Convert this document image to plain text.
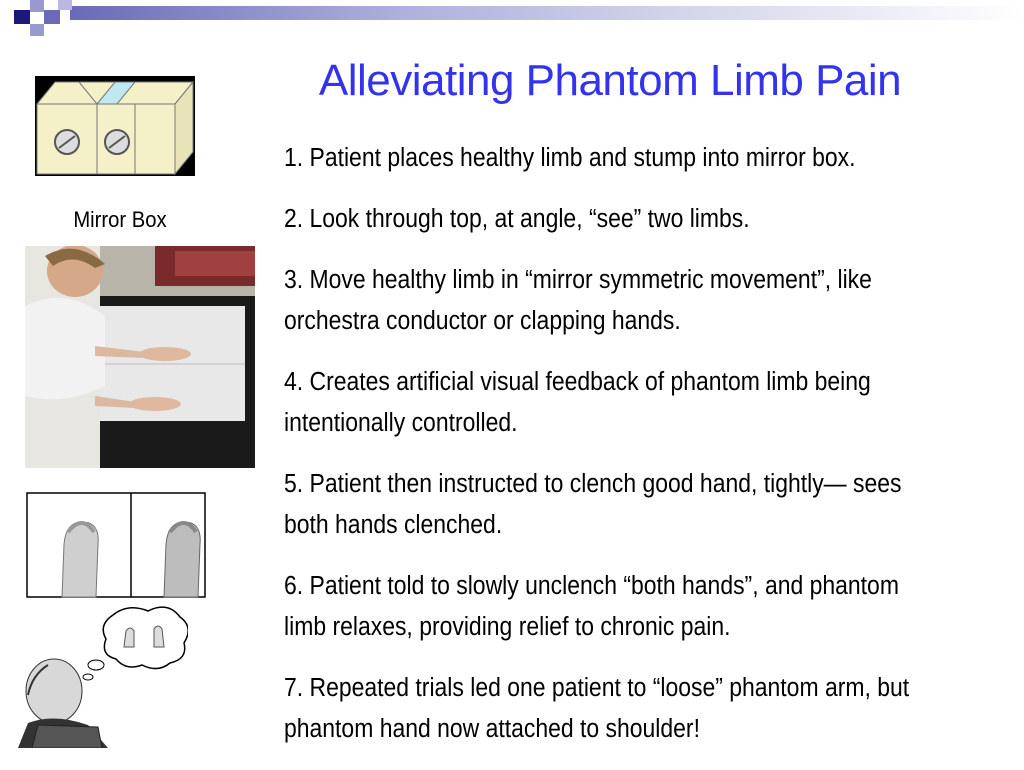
Alleviating Phantom Limb Pain
Mirror Box
1. Patient places healthy limb and stump into mirror box.
2. Look through top, at angle, “see” two limbs.
3. Move healthy limb in “mirror symmetric movement”, like orchestra conductor or clapping hands.
4. Creates artificial visual feedback of phantom limb being intentionally controlled.
5. Patient then instructed to clench good hand, tightly— sees both hands clenched.
6. Patient told to slowly unclench “both hands”, and phantom limb relaxes, providing relief to chronic pain.
7. Repeated trials led one patient to “loose” phantom arm, but phantom hand now attached to shoulder!
